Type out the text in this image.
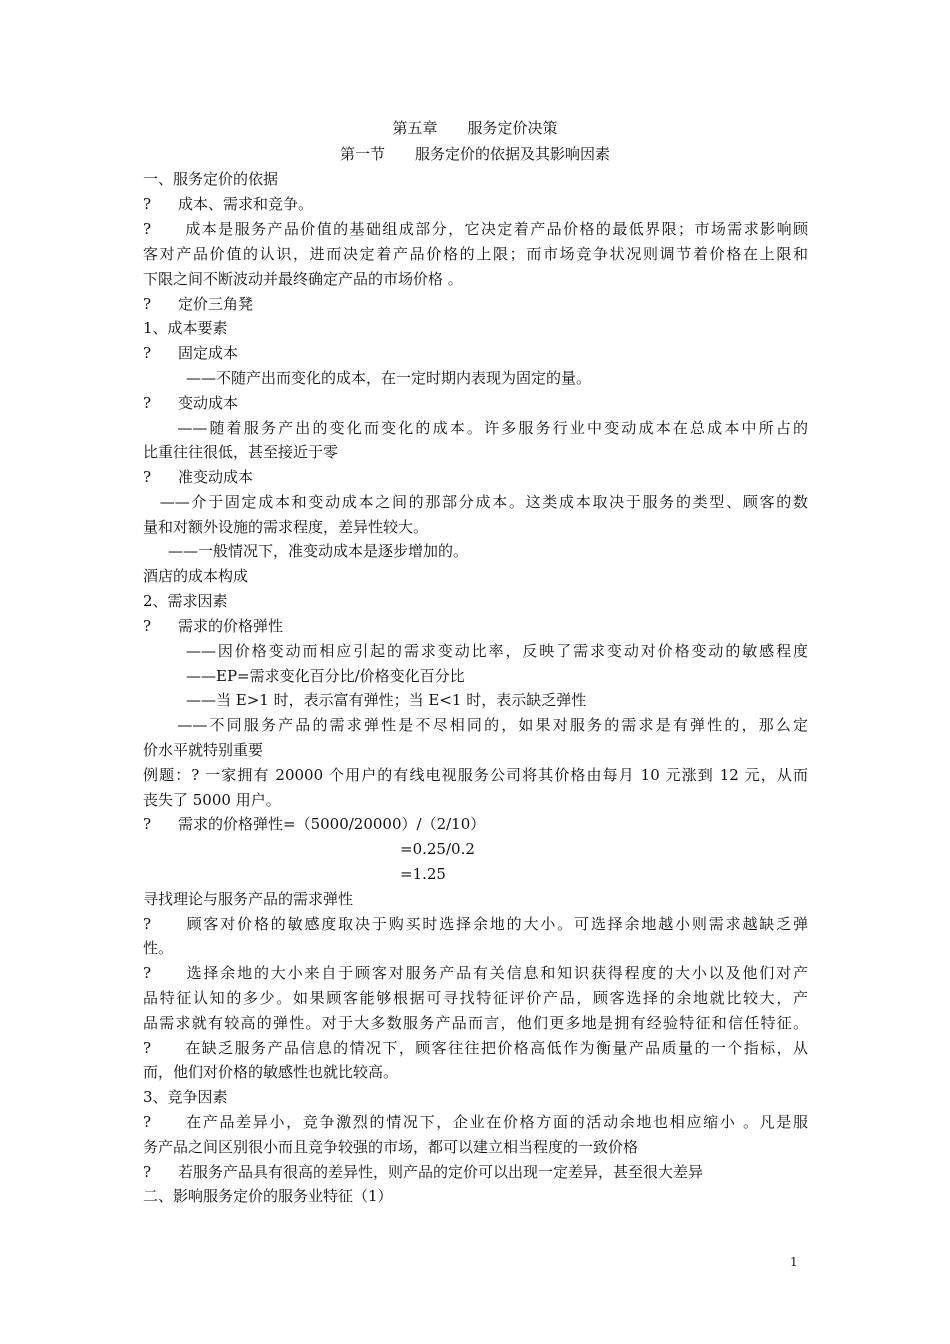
第五章　　服务定价决策
第一节　　服务定价的依据及其影响因素
一、服务定价的依据
? 成本、需求和竞争。
?　　成本是服务产品价值的基础组成部分，它决定着产品价格的最低界限；市场需求影响顾
客对产品价值的认识，进而决定着产品价格的上限；而市场竞争状况则调节着价格在上限和
下限之间不断波动并最终确定产品的市场价格 。
? 定价三角凳
1、成本要素
? 固定成本
——不随产出而变化的成本，在一定时期内表现为固定的量。
? 变动成本
　　——随着服务产出的变化而变化的成本。许多服务行业中变动成本在总成本中所占的
比重往往很低，甚至接近于零
? 准变动成本
　——介于固定成本和变动成本之间的那部分成本。这类成本取决于服务的类型、顾客的数
量和对额外设施的需求程度，差异性较大。
——一般情况下，准变动成本是逐步增加的。
酒店的成本构成
2、需求因素
? 需求的价格弹性
——因价格变动而相应引起的需求变动比率，反映了需求变动对价格变动的敏感程度
——EP=需求变化百分比/价格变化百分比
——当 E>1 时，表示富有弹性；当 E<1 时，表示缺乏弹性
　　——不同服务产品的需求弹性是不尽相同的，如果对服务的需求是有弹性的，那么定
价水平就特别重要
例题：? 一家拥有 20000 个用户的有线电视服务公司将其价格由每月 10 元涨到 12 元，从而
丧失了 5000 用户。
? 需求的价格弹性=（5000/20000）/（2/10）
=0.25/0.2
=1.25
寻找理论与服务产品的需求弹性
?　　顾客对价格的敏感度取决于购买时选择余地的大小。可选择余地越小则需求越缺乏弹
性。
?　　选择余地的大小来自于顾客对服务产品有关信息和知识获得程度的大小以及他们对产
品特征认知的多少。如果顾客能够根据可寻找特征评价产品，顾客选择的余地就比较大，产
品需求就有较高的弹性。对于大多数服务产品而言，他们更多地是拥有经验特征和信任特征。
?　　在缺乏服务产品信息的情况下，顾客往往把价格高低作为衡量产品质量的一个指标，从
而，他们对价格的敏感性也就比较高。
3、竞争因素
?　　在产品差异小，竞争激烈的情况下，企业在价格方面的活动余地也相应缩小 。凡是服
务产品之间区别很小而且竞争较强的市场，都可以建立相当程度的一致价格
? 若服务产品具有很高的差异性，则产品的定价可以出现一定差异，甚至很大差异
二、影响服务定价的服务业特征（1）
1
